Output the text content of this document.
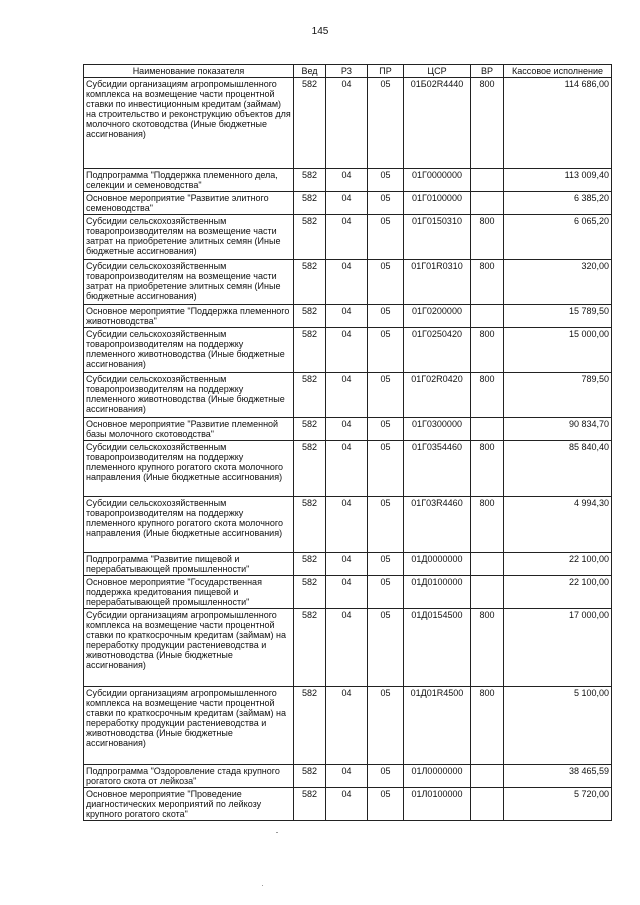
145
Наименование показателя	Вед	РЗ	ПР	ЦСР	ВР	Кассовое исполнение
Субсидии организациям агропромышленного комплекса на возмещение части процентной ставки по инвестиционным кредитам (займам) на строительство и реконструкцию объектов для молочного скотоводства (Иные бюджетные ассигнования)	582	04	05	01Б02R4440	800	114 686,00
Подпрограмма "Поддержка племенного дела, селекции и семеноводства"	582	04	05	01Г0000000		113 009,40
Основное мероприятие "Развитие элитного семеноводства"	582	04	05	01Г0100000		6 385,20
Субсидии сельскохозяйственным товаропроизводителям на возмещение части затрат на приобретение элитных семян (Иные бюджетные ассигнования)	582	04	05	01Г0150310	800	6 065,20
Субсидии сельскохозяйственным товаропроизводителям на возмещение части затрат на приобретение элитных семян (Иные бюджетные ассигнования)	582	04	05	01Г01R0310	800	320,00
Основное мероприятие "Поддержка племенного животноводства"	582	04	05	01Г0200000		15 789,50
Субсидии сельскохозяйственным товаропроизводителям на поддержку племенного животноводства (Иные бюджетные ассигнования)	582	04	05	01Г0250420	800	15 000,00
Субсидии сельскохозяйственным товаропроизводителям на поддержку племенного животноводства (Иные бюджетные ассигнования)	582	04	05	01Г02R0420	800	789,50
Основное мероприятие "Развитие племенной базы молочного скотоводства"	582	04	05	01Г0300000		90 834,70
Субсидии сельскохозяйственным товаропроизводителям на поддержку племенного крупного рогатого скота молочного направления (Иные бюджетные ассигнования)	582	04	05	01Г0354460	800	85 840,40
Субсидии сельскохозяйственным товаропроизводителям на поддержку племенного крупного рогатого скота молочного направления (Иные бюджетные ассигнования)	582	04	05	01Г03R4460	800	4 994,30
Подпрограмма "Развитие пищевой и перерабатывающей промышленности"	582	04	05	01Д0000000		22 100,00
Основное мероприятие "Государственная поддержка кредитования пищевой и перерабатывающей промышленности"	582	04	05	01Д0100000		22 100,00
Субсидии организациям агропромышленного комплекса на возмещение части процентной ставки по краткосрочным кредитам (займам) на переработку продукции растениеводства и животноводства (Иные бюджетные ассигнования)	582	04	05	01Д0154500	800	17 000,00
Субсидии организациям агропромышленного комплекса на возмещение части процентной ставки по краткосрочным кредитам (займам) на переработку продукции растениеводства и животноводства (Иные бюджетные ассигнования)	582	04	05	01Д01R4500	800	5 100,00
Подпрограмма "Оздоровление стада крупного рогатого скота от лейкоза"	582	04	05	01Л0000000		38 465,59
Основное мероприятие "Проведение диагностических мероприятий по лейкозу крупного рогатого скота"	582	04	05	01Л0100000		5 720,00
